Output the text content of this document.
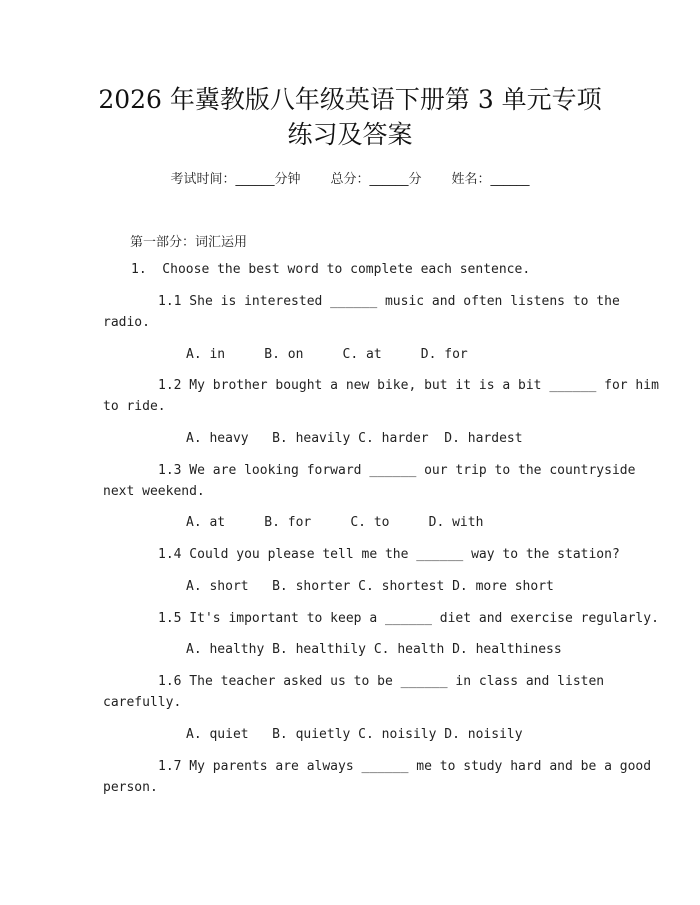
2026 年冀教版八年级英语下册第 3 单元专项
练习及答案
考试时间：______分钟 总分：______分 姓名：______
第一部分：词汇运用
1.  Choose the best word to complete each sentence.
1.1 She is interested ______ music and often listens to the
radio.
A. in     B. on     C. at     D. for
1.2 My brother bought a new bike, but it is a bit ______ for him
to ride.
A. heavy   B. heavily C. harder  D. hardest
1.3 We are looking forward ______ our trip to the countryside
next weekend.
A. at     B. for     C. to     D. with
1.4 Could you please tell me the ______ way to the station?
A. short   B. shorter C. shortest D. more short
1.5 It's important to keep a ______ diet and exercise regularly.
A. healthy B. healthily C. health D. healthiness
1.6 The teacher asked us to be ______ in class and listen
carefully.
A. quiet   B. quietly C. noisily D. noisily
1.7 My parents are always ______ me to study hard and be a good
person.
